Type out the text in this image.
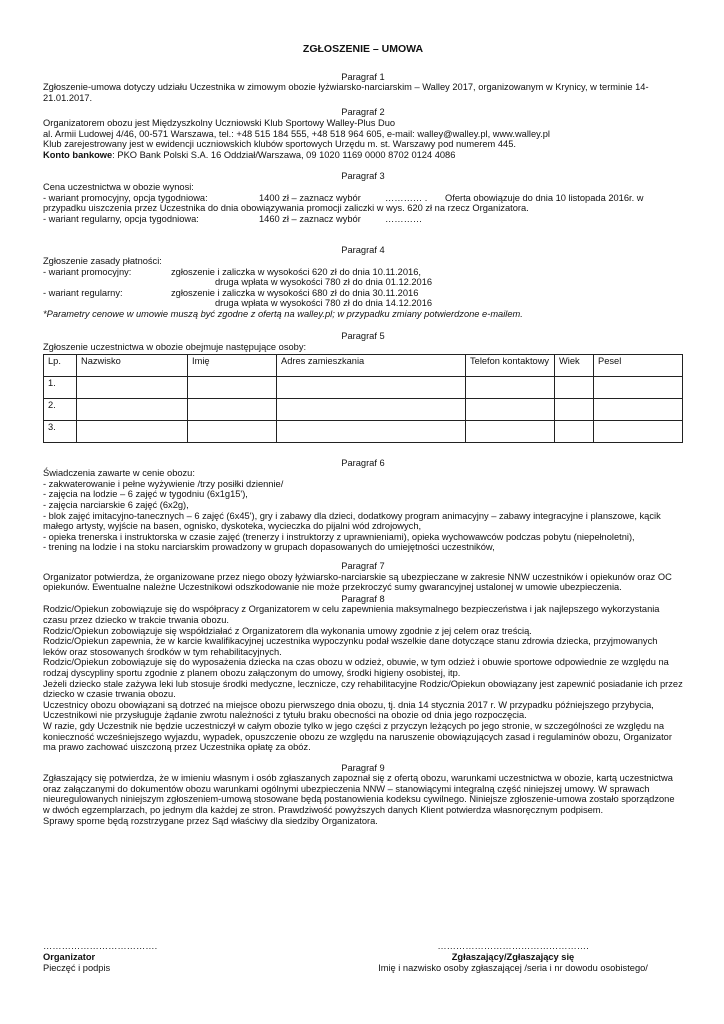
ZGŁOSZENIE – UMOWA
Paragraf 1
Zgłoszenie-umowa dotyczy udziału Uczestnika w zimowym obozie łyżwiarsko-narciarskim – Walley 2017, organizowanym w Krynicy, w terminie 14-21.01.2017.
Paragraf 2
Organizatorem obozu jest Międzyszkolny Uczniowski Klub Sportowy Walley-Plus Duo
al. Armii Ludowej 4/46, 00-571 Warszawa, tel.: +48 515 184 555, +48 518 964 605, e-mail: walley@walley.pl, www.walley.pl
Klub zarejestrowany jest w ewidencji uczniowskich klubów sportowych Urzędu m. st. Warszawy pod numerem 445.
Konto bankowe: PKO Bank Polski S.A. 16 Oddział/Warszawa, 09 1020 1169 0000 8702 0124 4086
Paragraf 3
Cena uczestnictwa w obozie wynosi:
- wariant promocyjny, opcja tygodniowa:	1400 zł – zaznacz wybór	………… .	Oferta obowiązuje do dnia 10 listopada 2016r. w
przypadku uiszczenia przez Uczestnika do dnia obowiązywania promocji zaliczki w wys. 620 zł na rzecz Organizatora.
- wariant regularny, opcja tygodniowa:	1460 zł – zaznacz wybór	…………
Paragraf 4
Zgłoszenie zasady płatności:
- wariant promocyjny:	zgłoszenie i zaliczka w wysokości 620 zł do dnia 10.11.2016,
druga wpłata w wysokości 780 zł do dnia 01.12.2016
- wariant regularny:	zgłoszenie i zaliczka w wysokości 680 zł do dnia 30.11.2016
druga wpłata w wysokości 780 zł do dnia 14.12.2016
*Parametry cenowe w umowie muszą być zgodne z ofertą na walley.pl; w przypadku zmiany potwierdzone e-mailem.
Paragraf 5
Zgłoszenie uczestnictwa w obozie obejmuje następujące osoby:
Lp.	Nazwisko	Imię	Adres zamieszkania	Telefon kontaktowy	Wiek	Pesel
1.						
2.						
3.						
Paragraf 6
Świadczenia zawarte w cenie obozu:
- zakwaterowanie i pełne wyżywienie /trzy posiłki dziennie/
- zajęcia na lodzie – 6 zajęć w tygodniu (6x1g15'),
- zajęcia narciarskie 6 zajęć (6x2g),
- blok zajęć imitacyjno-tanecznych – 6 zajęć (6x45'), gry i zabawy dla dzieci, dodatkowy program animacyjny – zabawy integracyjne i planszowe, kącik małego artysty, wyjście na basen, ognisko, dyskoteka, wycieczka do pijalni wód zdrojowych,
- opieka trenerska i instruktorska w czasie zajęć (trenerzy i instruktorzy z uprawnieniami), opieka wychowawców podczas pobytu (niepełnoletni),
- trening na lodzie i na stoku narciarskim prowadzony w grupach dopasowanych do umiejętności uczestników,
Paragraf 7
Organizator potwierdza, że organizowane przez niego obozy łyżwiarsko-narciarskie są ubezpieczane w zakresie NNW uczestników i opiekunów oraz OC opiekunów. Ewentualne należne Uczestnikowi odszkodowanie nie może przekroczyć sumy gwarancyjnej ustalonej w umowie ubezpieczenia.
Paragraf 8
Rodzic/Opiekun zobowiązuje się do współpracy z Organizatorem w celu zapewnienia maksymalnego bezpieczeństwa i jak najlepszego wykorzystania czasu przez dziecko w trakcie trwania obozu.
Rodzic/Opiekun zobowiązuje się współdziałać z Organizatorem dla wykonania umowy zgodnie z jej celem oraz treścią.
Rodzic/Opiekun zapewnia, że w karcie kwalifikacyjnej uczestnika wypoczynku podał wszelkie dane dotyczące stanu zdrowia dziecka, przyjmowanych leków oraz stosowanych środków w tym rehabilitacyjnych.
Rodzic/Opiekun zobowiązuje się do wyposażenia dziecka na czas obozu w odzież, obuwie, w tym odzież i obuwie sportowe odpowiednie ze względu na rodzaj dyscypliny sportu zgodnie z planem obozu załączonym do umowy, środki higieny osobistej, itp.
Jeżeli dziecko stale zażywa leki lub stosuje środki medyczne, lecznicze, czy rehabilitacyjne Rodzic/Opiekun obowiązany jest zapewnić posiadanie ich przez dziecko w czasie trwania obozu.
Uczestnicy obozu obowiązani są dotrzeć na miejsce obozu pierwszego dnia obozu, tj. dnia 14 stycznia 2017 r. W przypadku późniejszego przybycia, Uczestnikowi nie przysługuje żądanie zwrotu należności z tytułu braku obecności na obozie od dnia jego rozpoczęcia.
W razie, gdy Uczestnik nie będzie uczestniczył w całym obozie tylko w jego części z przyczyn leżących po jego stronie, w szczególności ze względu na konieczność wcześniejszego wyjazdu, wypadek, opuszczenie obozu ze względu na naruszenie obowiązujących zasad i regulaminów obozu, Organizator ma prawo zachować uiszczoną przez Uczestnika opłatę za obóz.
Paragraf 9
Zgłaszający się potwierdza, że w imieniu własnym i osób zgłaszanych zapoznał się z ofertą obozu, warunkami uczestnictwa w obozie, kartą uczestnictwa oraz załączanymi do dokumentów obozu warunkami ogólnymi ubezpieczenia NNW – stanowiącymi integralną część niniejszej umowy. W sprawach nieuregulowanych niniejszym zgłoszeniem-umową stosowane będą postanowienia kodeksu cywilnego. Niniejsze zgłoszenie-umowa zostało sporządzone w dwóch egzemplarzach, po jednym dla każdej ze stron. Prawdziwość powyższych danych Klient potwierdza własnoręcznym podpisem.
Sprawy sporne będą rozstrzygane przez Sąd właściwy dla siedziby Organizatora.
……………………………….
Organizator
Pieczęć i podpis
………………………………………….
Zgłaszający/Zgłaszający się
Imię i nazwisko osoby zgłaszającej /seria i nr dowodu osobistego/
